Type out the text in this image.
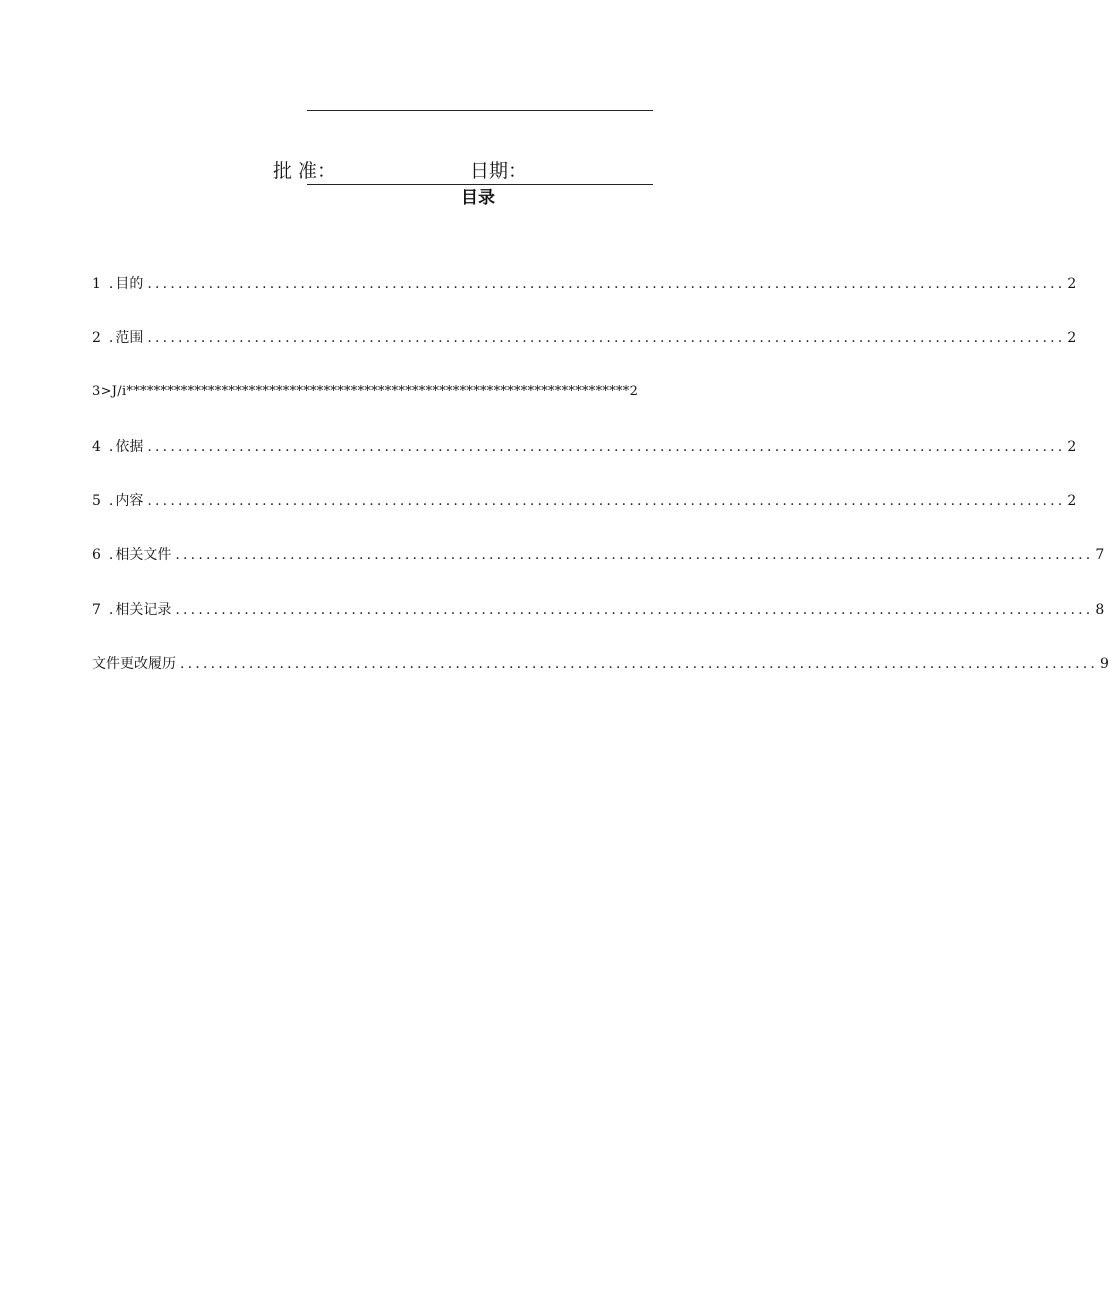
批 准：	日期：
目录
1 . 目的 ........................................................................................................................ 2
2 . 范围 ........................................................................................................................ 2
3>J/i**************************************************************************2
4 . 依据 ........................................................................................................................ 2
5 . 内容 ........................................................................................................................ 2
6 . 相关文件 ........................................................................................................................ 7
7 . 相关记录 ........................................................................................................................ 8
文件更改履历 ........................................................................................................................ 9
